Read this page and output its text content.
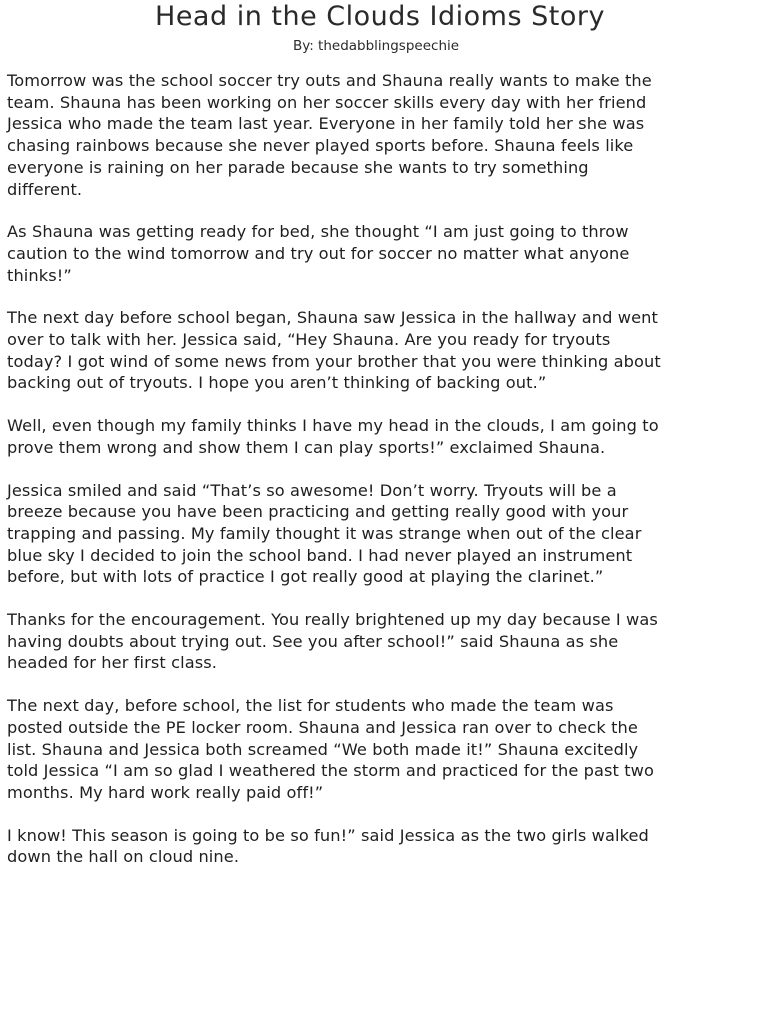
Head in the Clouds Idioms Story
By: thedabblingspeechie

Tomorrow was the school soccer try outs and Shauna really wants to make the team. Shauna has been working on her soccer skills every day with her friend Jessica who made the team last year. Everyone in her family told her she was chasing rainbows because she never played sports before. Shauna feels like everyone is raining on her parade because she wants to try something different.

As Shauna was getting ready for bed, she thought “I am just going to throw caution to the wind tomorrow and try out for soccer no matter what anyone thinks!”

The next day before school began, Shauna saw Jessica in the hallway and went over to talk with her. Jessica said, “Hey Shauna. Are you ready for tryouts today? I got wind of some news from your brother that you were thinking about backing out of tryouts. I hope you aren’t thinking of backing out.”

Well, even though my family thinks I have my head in the clouds, I am going to prove them wrong and show them I can play sports!” exclaimed Shauna.

Jessica smiled and said “That’s so awesome! Don’t worry. Tryouts will be a breeze because you have been practicing and getting really good with your trapping and passing. My family thought it was strange when out of the clear blue sky I decided to join the school band. I had never played an instrument before, but with lots of practice I got really good at playing the clarinet.”

Thanks for the encouragement. You really brightened up my day because I was having doubts about trying out. See you after school!” said Shauna as she headed for her first class.

The next day, before school, the list for students who made the team was posted outside the PE locker room. Shauna and Jessica ran over to check the list. Shauna and Jessica both screamed “We both made it!” Shauna excitedly told Jessica “I am so glad I weathered the storm and practiced for the past two months. My hard work really paid off!”

I know! This season is going to be so fun!” said Jessica as the two girls walked down the hall on cloud nine.
